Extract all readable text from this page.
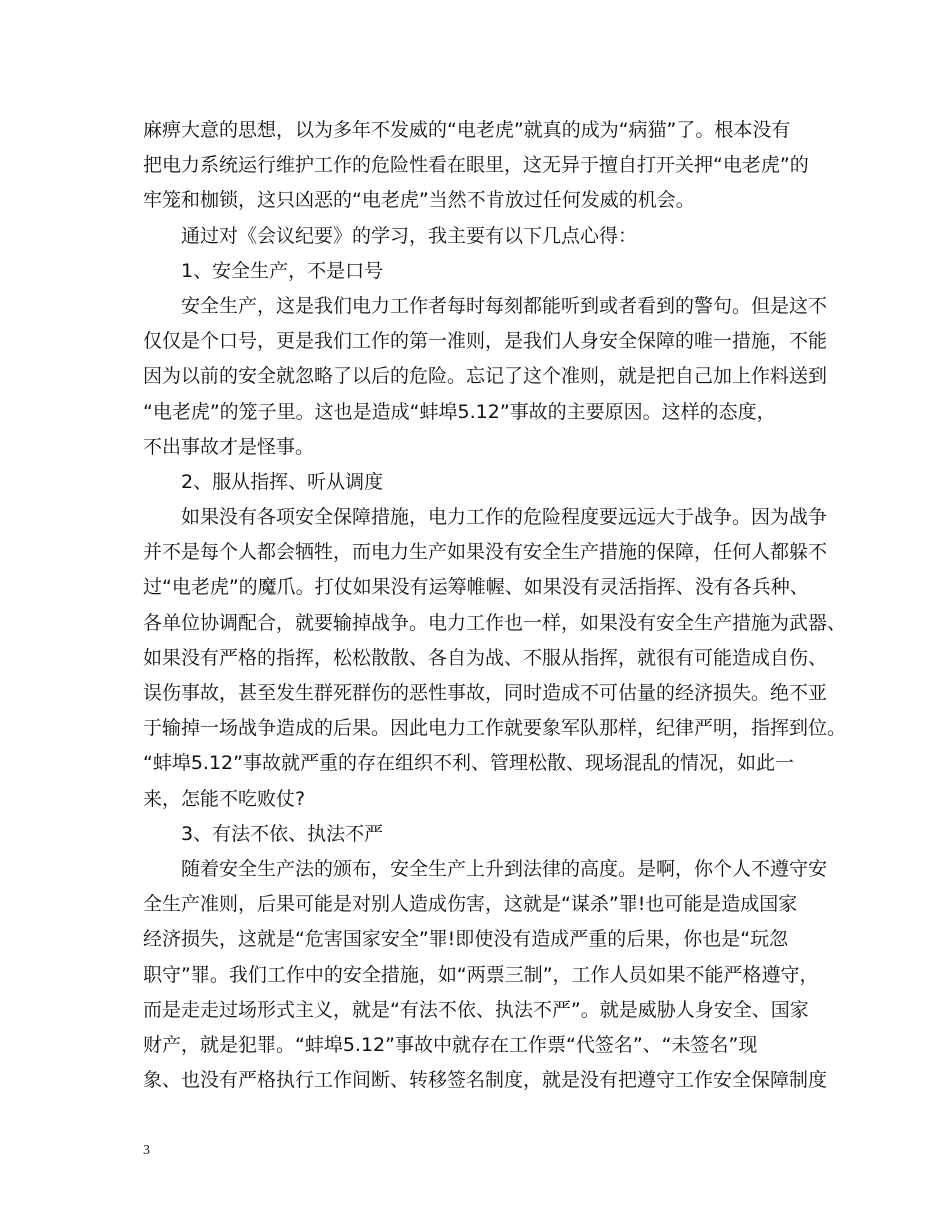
麻痹大意的思想，以为多年不发威的“电老虎”就真的成为“病猫”了。根本没有
把电力系统运行维护工作的危险性看在眼里，这无异于擅自打开关押“电老虎”的
牢笼和枷锁，这只凶恶的“电老虎”当然不肯放过任何发威的机会。
通过对《会议纪要》的学习，我主要有以下几点心得：
1、安全生产，不是口号
安全生产，这是我们电力工作者每时每刻都能听到或者看到的警句。但是这不
仅仅是个口号，更是我们工作的第一准则，是我们人身安全保障的唯一措施，不能
因为以前的安全就忽略了以后的危险。忘记了这个准则，就是把自己加上作料送到
“电老虎”的笼子里。这也是造成“蚌埠5.12”事故的主要原因。这样的态度，
不出事故才是怪事。
2、服从指挥、听从调度
如果没有各项安全保障措施，电力工作的危险程度要远远大于战争。因为战争
并不是每个人都会牺牲，而电力生产如果没有安全生产措施的保障，任何人都躲不
过“电老虎”的魔爪。打仗如果没有运筹帷幄、如果没有灵活指挥、没有各兵种、
各单位协调配合，就要输掉战争。电力工作也一样，如果没有安全生产措施为武器、
如果没有严格的指挥，松松散散、各自为战、不服从指挥，就很有可能造成自伤、
误伤事故，甚至发生群死群伤的恶性事故，同时造成不可估量的经济损失。绝不亚
于输掉一场战争造成的后果。因此电力工作就要象军队那样，纪律严明，指挥到位。
“蚌埠5.12”事故就严重的存在组织不利、管理松散、现场混乱的情况，如此一
来，怎能不吃败仗?
3、有法不依、执法不严
随着安全生产法的颁布，安全生产上升到法律的高度。是啊，你个人不遵守安
全生产准则，后果可能是对别人造成伤害，这就是“谋杀”罪!也可能是造成国家
经济损失，这就是“危害国家安全”罪!即使没有造成严重的后果，你也是“玩忽
职守”罪。我们工作中的安全措施，如“两票三制”，工作人员如果不能严格遵守，
而是走走过场形式主义，就是“有法不依、执法不严”。就是威胁人身安全、国家
财产，就是犯罪。“蚌埠5.12”事故中就存在工作票“代签名”、“未签名”现
象、也没有严格执行工作间断、转移签名制度，就是没有把遵守工作安全保障制度
3
